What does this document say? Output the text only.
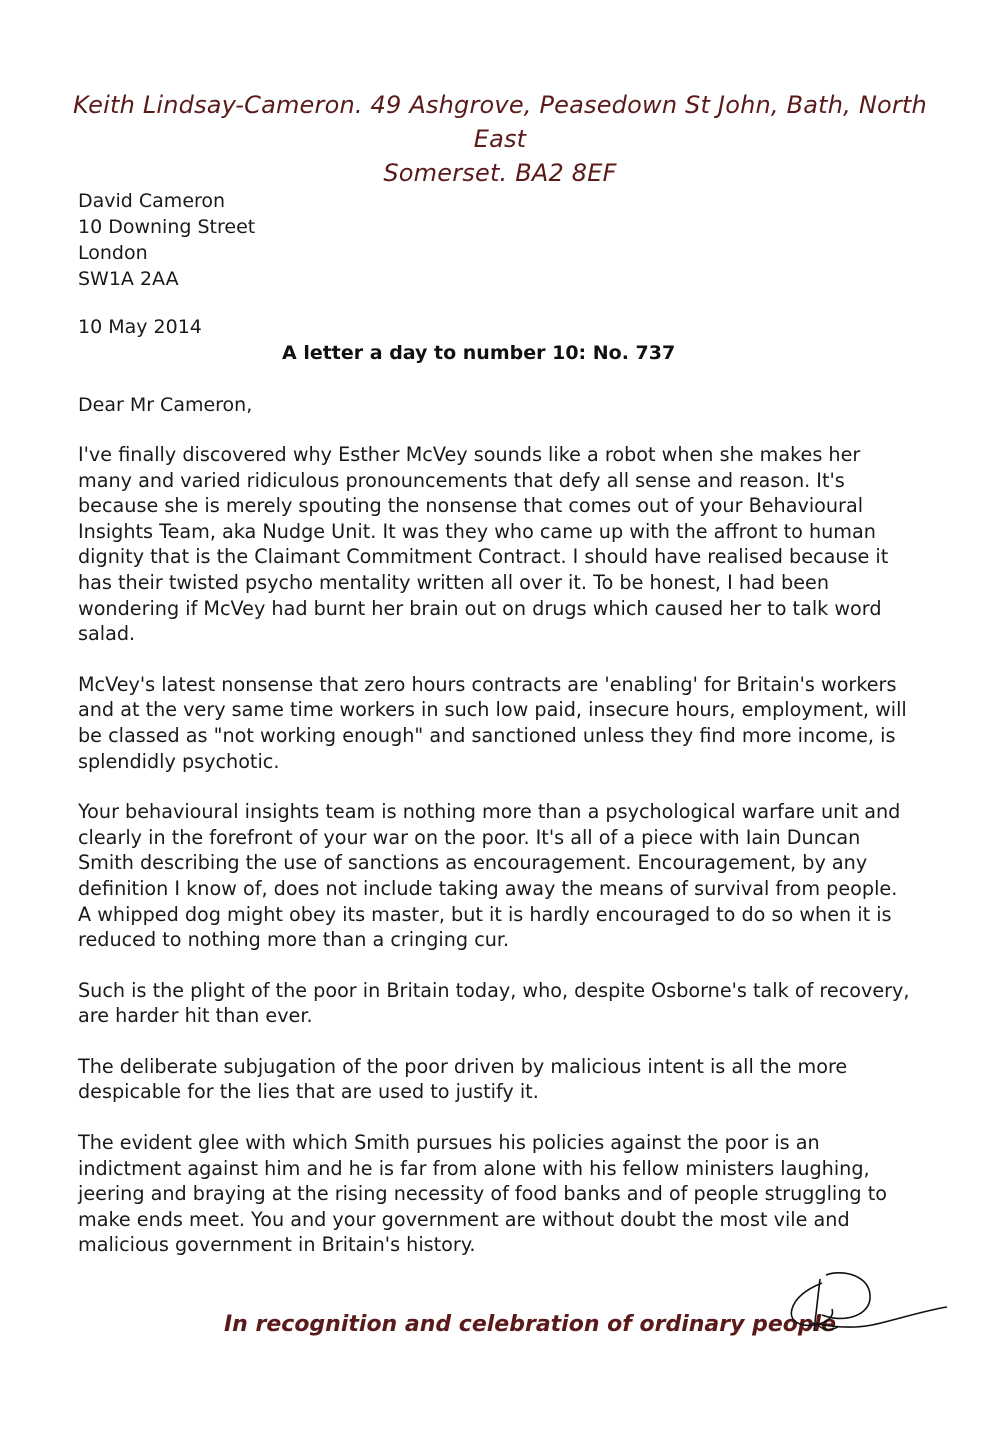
Keith Lindsay-Cameron. 49 Ashgrove, Peasedown St John, Bath, North East
Somerset. BA2 8EF
David Cameron
10 Downing Street
London
SW1A 2AA
10 May 2014
A letter a day to number 10: No. 737
Dear Mr Cameron,

I've finally discovered why Esther McVey sounds like a robot when she makes her many and varied ridiculous pronouncements that defy all sense and reason. It's because she is merely spouting the nonsense that comes out of your Behavioural Insights Team, aka Nudge Unit. It was they who came up with the affront to human dignity that is the Claimant Commitment Contract. I should have realised because it has their twisted psycho mentality written all over it. To be honest, I had been wondering if McVey had burnt her brain out on drugs which caused her to talk word salad.

McVey's latest nonsense that zero hours contracts are 'enabling' for Britain's workers and at the very same time workers in such low paid, insecure hours, employment, will be classed as "not working enough" and sanctioned unless they find more income, is splendidly psychotic.

Your behavioural insights team is nothing more than a psychological warfare unit and clearly in the forefront of your war on the poor. It's all of a piece with Iain Duncan Smith describing the use of sanctions as encouragement. Encouragement, by any definition I know of, does not include taking away the means of survival from people. A whipped dog might obey its master, but it is hardly encouraged to do so when it is reduced to nothing more than a cringing cur.

Such is the plight of the poor in Britain today, who, despite Osborne's talk of recovery, are harder hit than ever.

The deliberate subjugation of the poor driven by malicious intent is all the more despicable for the lies that are used to justify it.

The evident glee with which Smith pursues his policies against the poor is an indictment against him and he is far from alone with his fellow ministers laughing, jeering and braying at the rising necessity of food banks and of people struggling to make ends meet. You and your government are without doubt the most vile and malicious government in Britain's history.

In recognition and celebration of ordinary people
